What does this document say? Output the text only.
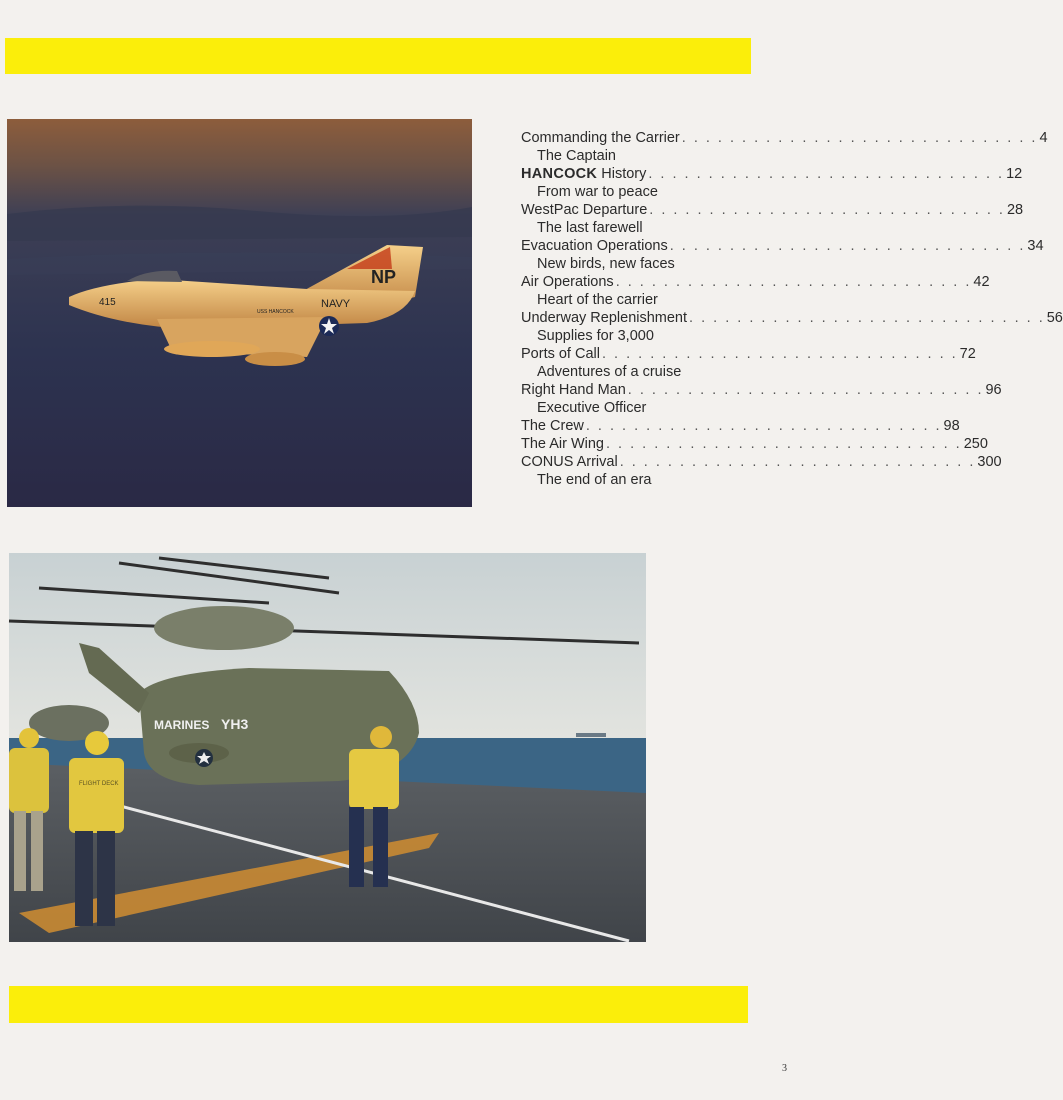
NP
NAVY
415
USS HANCOCK
Commanding the Carrier . . . . . . . . . . . . . . . . . . . . . . . . . . . . . . 4
The Captain
HANCOCK History . . . . . . . . . . . . . . . . . . . . . . . . . . . . . . 12
From war to peace
WestPac Departure . . . . . . . . . . . . . . . . . . . . . . . . . . . . . . 28
The last farewell
Evacuation Operations . . . . . . . . . . . . . . . . . . . . . . . . . . . . . . 34
New birds, new faces
Air Operations . . . . . . . . . . . . . . . . . . . . . . . . . . . . . . 42
Heart of the carrier
Underway Replenishment . . . . . . . . . . . . . . . . . . . . . . . . . . . . . . 56
Supplies for 3,000
Ports of Call . . . . . . . . . . . . . . . . . . . . . . . . . . . . . . 72
Adventures of a cruise
Right Hand Man . . . . . . . . . . . . . . . . . . . . . . . . . . . . . . 96
Executive Officer
The Crew . . . . . . . . . . . . . . . . . . . . . . . . . . . . . . 98
The Air Wing . . . . . . . . . . . . . . . . . . . . . . . . . . . . . . 250
CONUS Arrival . . . . . . . . . . . . . . . . . . . . . . . . . . . . . . 300
The end of an era
MARINES YH3
FLIGHT DECK
3
